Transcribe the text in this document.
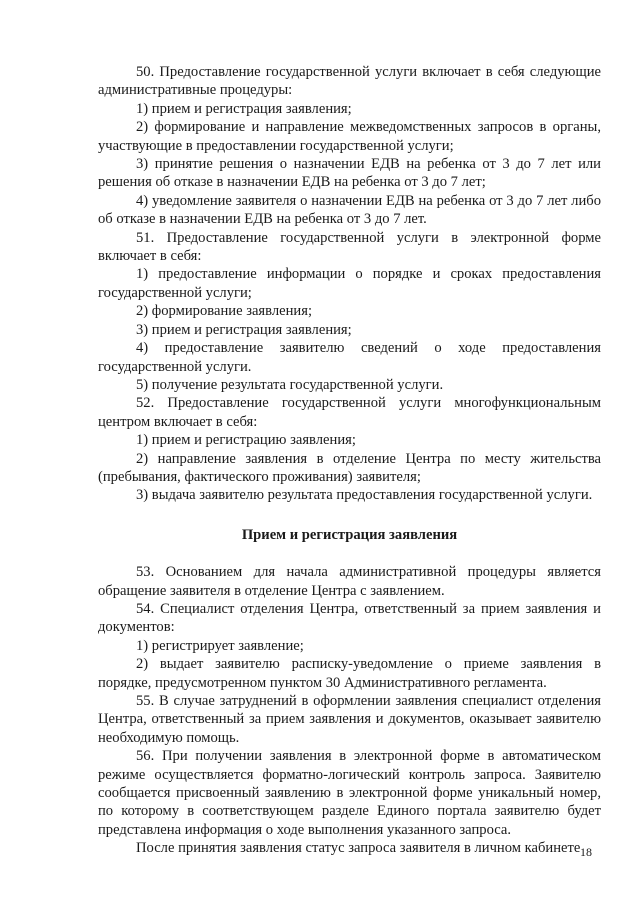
50. Предоставление государственной услуги включает в себя следующие административные процедуры:

1) прием и регистрация заявления;

2) формирование и направление межведомственных запросов в органы, участвующие в предоставлении государственной услуги;

3) принятие решения о назначении ЕДВ на ребенка от 3 до 7 лет или решения об отказе в назначении ЕДВ на ребенка от 3 до 7 лет;

4) уведомление заявителя о назначении ЕДВ на ребенка от 3 до 7 лет либо об отказе в назначении ЕДВ на ребенка от 3 до 7 лет.

51. Предоставление государственной услуги в электронной форме включает в себя:

1) предоставление информации о порядке и сроках предоставления государственной услуги;

2) формирование заявления;

3) прием и регистрация заявления;

4) предоставление заявителю сведений о ходе предоставления государственной услуги.

5) получение результата государственной услуги.

52. Предоставление государственной услуги многофункциональным центром включает в себя:

1) прием и регистрацию заявления;

2) направление заявления в отделение Центра по месту жительства (пребывания, фактического проживания) заявителя;

3) выдача заявителю результата предоставления государственной услуги.

Прием и регистрация заявления

53. Основанием для начала административной процедуры является обращение заявителя в отделение Центра с заявлением.

54. Специалист отделения Центра, ответственный за прием заявления и документов:

1) регистрирует заявление;

2) выдает заявителю расписку-уведомление о приеме заявления в порядке, предусмотренном пунктом 30 Административного регламента.

55. В случае затруднений в оформлении заявления специалист отделения Центра, ответственный за прием заявления и документов, оказывает заявителю необходимую помощь.

56. При получении заявления в электронной форме в автоматическом режиме осуществляется форматно-логический контроль запроса. Заявителю сообщается присвоенный заявлению в электронной форме уникальный номер, по которому в соответствующем разделе Единого портала заявителю будет представлена информация о ходе выполнения указанного запроса.

После принятия заявления статус запроса заявителя в личном кабинете 18
